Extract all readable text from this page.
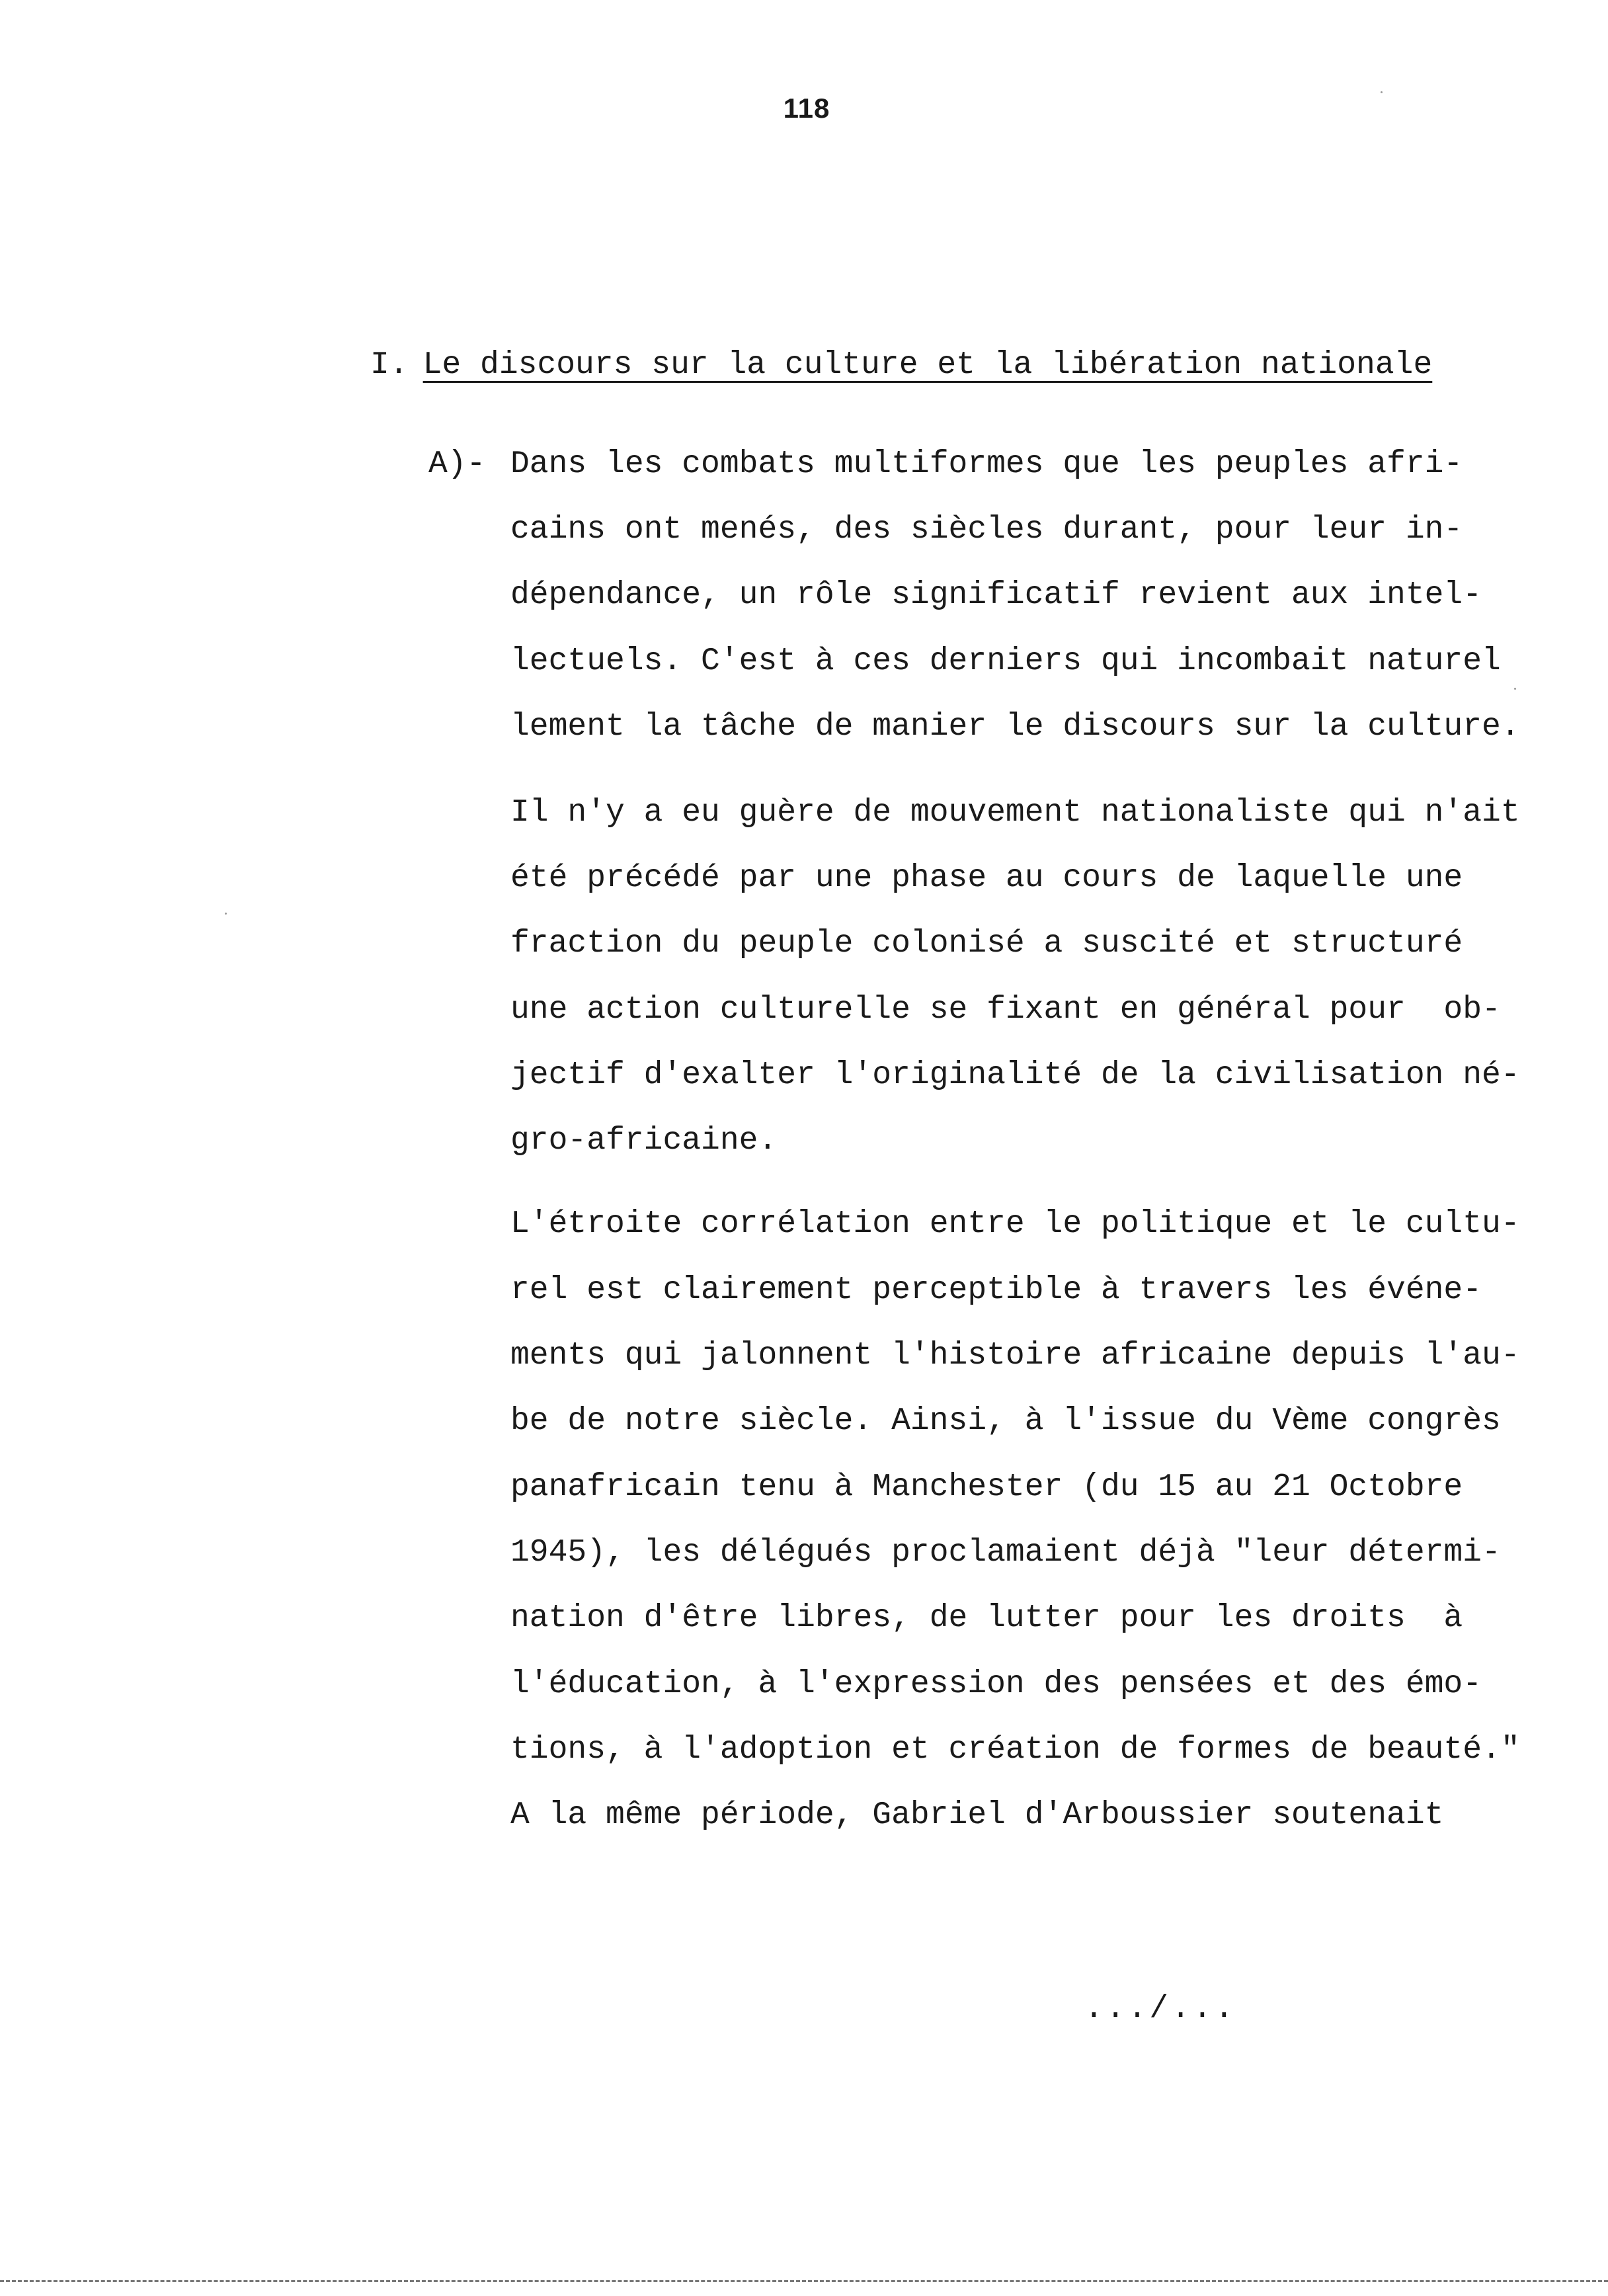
118
I. Le discours sur la culture et la libération nationale
A)- Dans les combats multiformes que les peuples afri-
cains ont menés, des siècles durant, pour leur in-
dépendance, un rôle significatif revient aux intel-
lectuels. C'est à ces derniers qui incombait naturel
lement la tâche de manier le discours sur la culture.
Il n'y a eu guère de mouvement nationaliste qui n'ait
été précédé par une phase au cours de laquelle une
fraction du peuple colonisé a suscité et structuré
une action culturelle se fixant en général pour  ob-
jectif d'exalter l'originalité de la civilisation né-
gro-africaine.
L'étroite corrélation entre le politique et le cultu-
rel est clairement perceptible à travers les événe-
ments qui jalonnent l'histoire africaine depuis l'au-
be de notre siècle. Ainsi, à l'issue du Vème congrès
panafricain tenu à Manchester (du 15 au 21 Octobre
1945), les délégués proclamaient déjà "leur détermi-
nation d'être libres, de lutter pour les droits  à
l'éducation, à l'expression des pensées et des émo-
tions, à l'adoption et création de formes de beauté."
A la même période, Gabriel d'Arboussier soutenait
.../...
